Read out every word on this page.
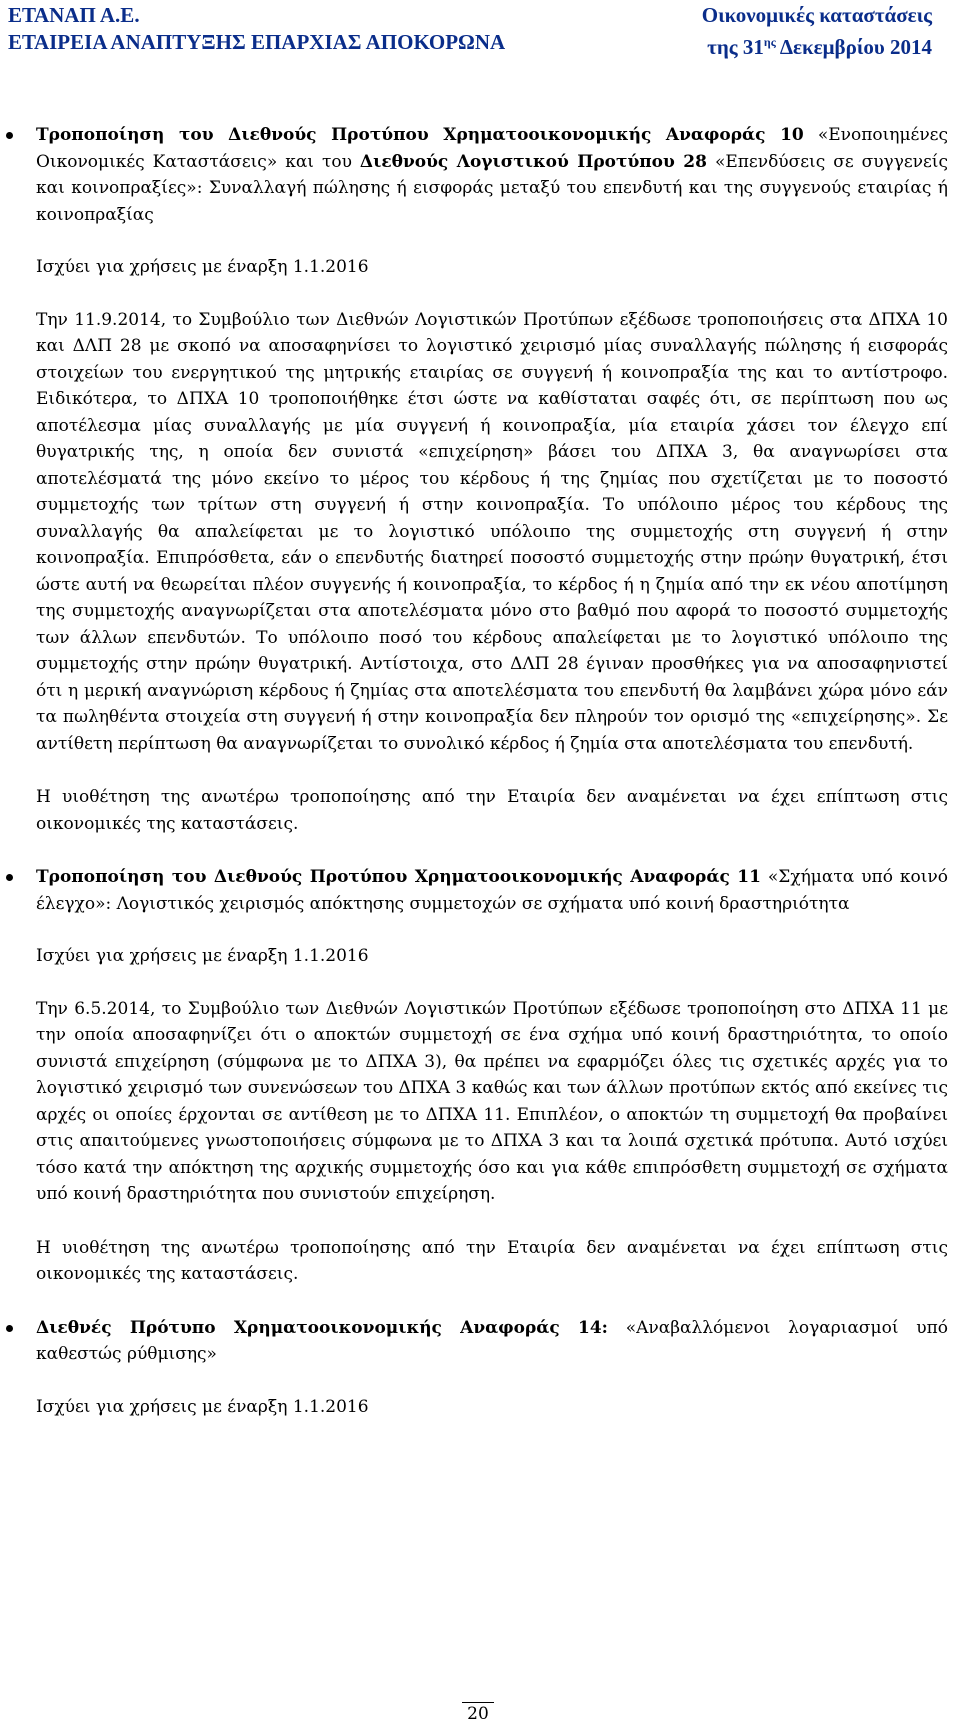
ΕΤΑΝΑΠ Α.Ε.
ΕΤΑΙΡΕΙΑ ΑΝΑΠΤΥΞΗΣ ΕΠΑΡΧΙΑΣ ΑΠΟΚΟΡΩΝΑ
Οικονομικές καταστάσεις
της $31^{\eta\varsigma}$ Δεκεμβρίου 2014

Τροποποίηση του Διεθνούς Προτύπου Χρηματοοικονομικής Αναφοράς 10 «Ενοποιημένες Οικονομικές Καταστάσεις» και του Διεθνούς Λογιστικού Προτύπου 28 «Επενδύσεις σε συγγενείς και κοινοπραξίες»: Συναλλαγή πώλησης ή εισφοράς μεταξύ του επενδυτή και της συγγενούς εταιρίας ή κοινοπραξίας

Ισχύει για χρήσεις με έναρξη 1.1.2016

Την 11.9.2014, το Συμβούλιο των Διεθνών Λογιστικών Προτύπων εξέδωσε τροποποιήσεις στα ΔΠΧΑ 10 και ΔΛΠ 28 με σκοπό να αποσαφηνίσει το λογιστικό χειρισμό μίας συναλλαγής πώλησης ή εισφοράς στοιχείων του ενεργητικού της μητρικής εταιρίας σε συγγενή ή κοινοπραξία της και το αντίστροφο. Ειδικότερα, το ΔΠΧΑ 10 τροποποιήθηκε έτσι ώστε να καθίσταται σαφές ότι, σε περίπτωση που ως αποτέλεσμα μίας συναλλαγής με μία συγγενή ή κοινοπραξία, μία εταιρία χάσει τον έλεγχο επί θυγατρικής της, η οποία δεν συνιστά «επιχείρηση» βάσει του ΔΠΧΑ 3, θα αναγνωρίσει στα αποτελέσματά της μόνο εκείνο το μέρος του κέρδους ή της ζημίας που σχετίζεται με το ποσοστό συμμετοχής των τρίτων στη συγγενή ή στην κοινοπραξία. Το υπόλοιπο μέρος του κέρδους της συναλλαγής θα απαλείφεται με το λογιστικό υπόλοιπο της συμμετοχής στη συγγενή ή στην κοινοπραξία. Επιπρόσθετα, εάν ο επενδυτής διατηρεί ποσοστό συμμετοχής στην πρώην θυγατρική, έτσι ώστε αυτή να θεωρείται πλέον συγγενής ή κοινοπραξία, το κέρδος ή η ζημία από την εκ νέου αποτίμηση της συμμετοχής αναγνωρίζεται στα αποτελέσματα μόνο στο βαθμό που αφορά το ποσοστό συμμετοχής των άλλων επενδυτών. Το υπόλοιπο ποσό του κέρδους απαλείφεται με το λογιστικό υπόλοιπο της συμμετοχής στην πρώην θυγατρική. Αντίστοιχα, στο ΔΛΠ 28 έγιναν προσθήκες για να αποσαφηνιστεί ότι η μερική αναγνώριση κέρδους ή ζημίας στα αποτελέσματα του επενδυτή θα λαμβάνει χώρα μόνο εάν τα πωληθέντα στοιχεία στη συγγενή ή στην κοινοπραξία δεν πληρούν τον ορισμό της «επιχείρησης». Σε αντίθετη περίπτωση θα αναγνωρίζεται το συνολικό κέρδος ή ζημία στα αποτελέσματα του επενδυτή.

Η υιοθέτηση της ανωτέρω τροποποίησης από την Εταιρία δεν αναμένεται να έχει επίπτωση στις οικονομικές της καταστάσεις.

Τροποποίηση του Διεθνούς Προτύπου Χρηματοοικονομικής Αναφοράς 11 «Σχήματα υπό κοινό έλεγχο»: Λογιστικός χειρισμός απόκτησης συμμετοχών σε σχήματα υπό κοινή δραστηριότητα

Ισχύει για χρήσεις με έναρξη 1.1.2016

Την 6.5.2014, το Συμβούλιο των Διεθνών Λογιστικών Προτύπων εξέδωσε τροποποίηση στο ΔΠΧΑ 11 με την οποία αποσαφηνίζει ότι ο αποκτών συμμετοχή σε ένα σχήμα υπό κοινή δραστηριότητα, το οποίο συνιστά επιχείρηση (σύμφωνα με το ΔΠΧΑ 3), θα πρέπει να εφαρμόζει όλες τις σχετικές αρχές για το λογιστικό χειρισμό των συνενώσεων του ΔΠΧΑ 3 καθώς και των άλλων προτύπων εκτός από εκείνες τις αρχές οι οποίες έρχονται σε αντίθεση με το ΔΠΧΑ 11. Επιπλέον, ο αποκτών τη συμμετοχή θα προβαίνει στις απαιτούμενες γνωστοποιήσεις σύμφωνα με το ΔΠΧΑ 3 και τα λοιπά σχετικά πρότυπα. Αυτό ισχύει τόσο κατά την απόκτηση της αρχικής συμμετοχής όσο και για κάθε επιπρόσθετη συμμετοχή σε σχήματα υπό κοινή δραστηριότητα που συνιστούν επιχείρηση.

Η υιοθέτηση της ανωτέρω τροποποίησης από την Εταιρία δεν αναμένεται να έχει επίπτωση στις οικονομικές της καταστάσεις.

Διεθνές Πρότυπο Χρηματοοικονομικής Αναφοράς 14: «Αναβαλλόμενοι λογαριασμοί υπό καθεστώς ρύθμισης»

Ισχύει για χρήσεις με έναρξη 1.1.2016

20
